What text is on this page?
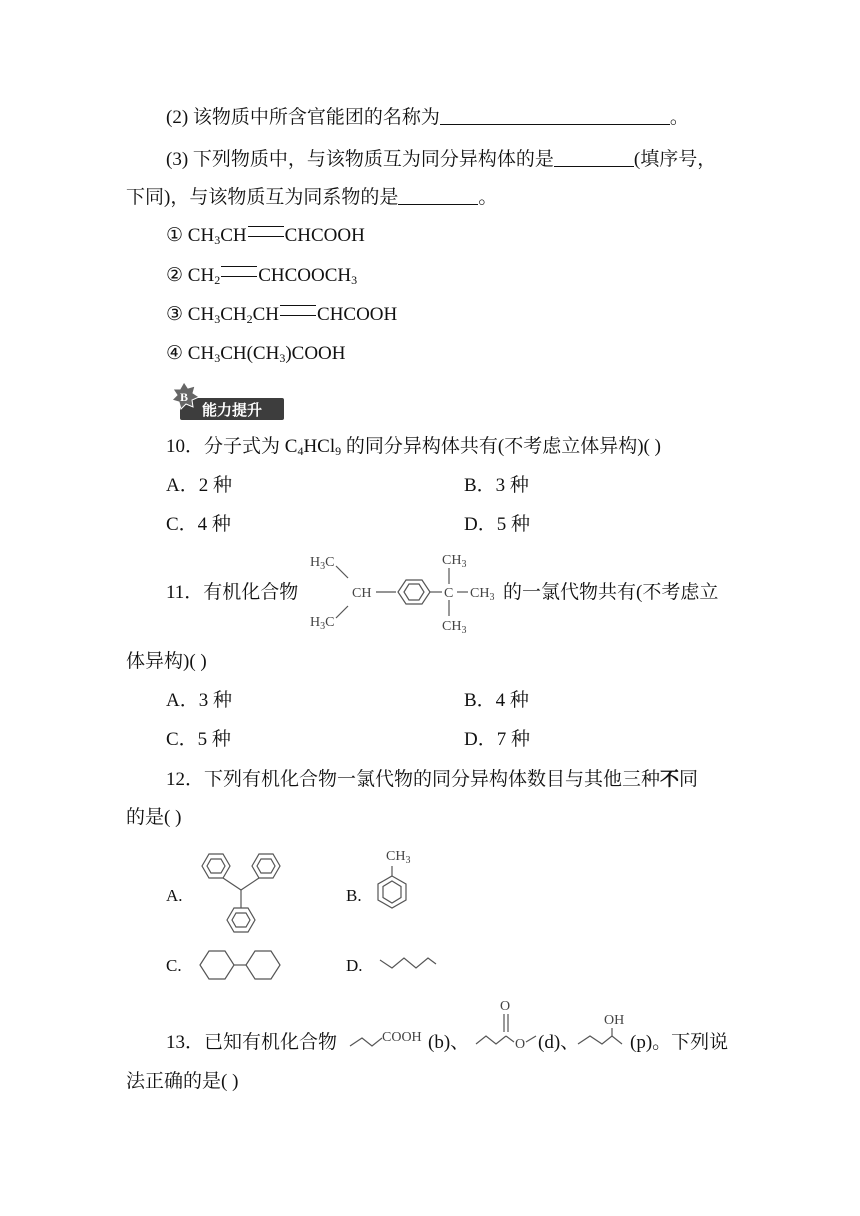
(2) 该物质中所含官能团的名称为	。
(3) 下列物质中，与该物质互为同分异构体的是	(填序号，
下同)，与该物质互为同系物的是	。
① $CH_3CH$ CHCOOH
② $CH_2$ $CHCOOCH_3$
③ $CH_3CH_2CH$ CHCOOH
④ $CH_3CH(CH_3)COOH$
B
能力提升
10．分子式为 $C_4HCl_9$ 的同分异构体共有(不考虑立体异构)( )
A．2 种	B．3 种
C．4 种	D．5 种
11．有机化合物
$H_3C$
$H_3C$
CH	C
$CH_3$
$CH_3$
$CH_3$
的一氯代物共有(不考虑立
体异构)( )
A．3 种	B．4 种
C．5 种	D．7 种
12．下列有机化合物一氯代物的同分异构体数目与其他三种不同
的是( )
A.	B.
$CH_3$
C.	D.
13．已知有机化合物	COOH (b)、
O
O (d)、
OH
(p)。下列说
法正确的是( )
